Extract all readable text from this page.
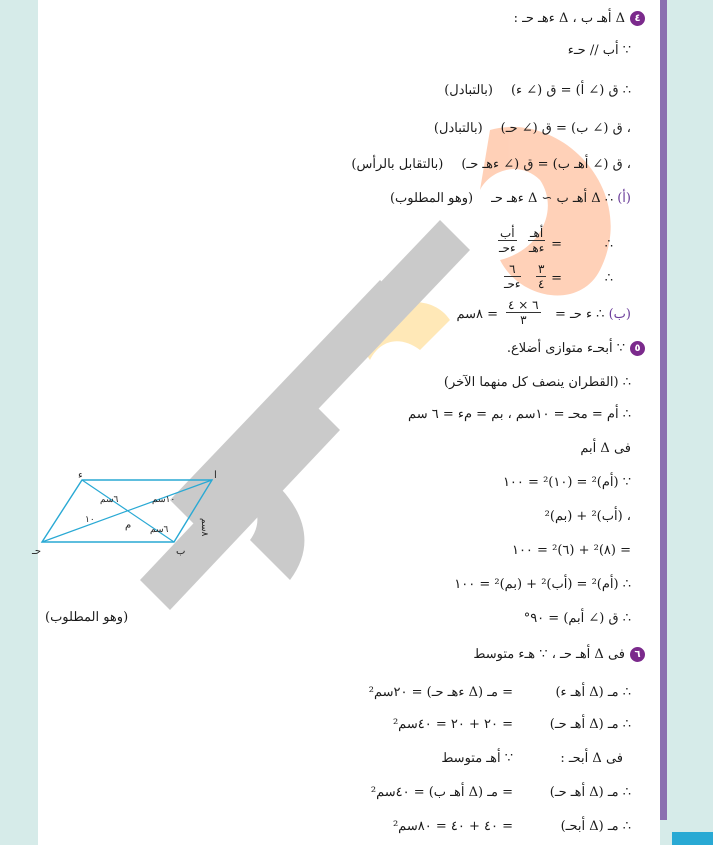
٤Δ ﺃﻫـ ب ، Δ ءﻫـ حـ :
∵ ﺃب // حـء
∴ ق (∠ ﺃ) = ق (∠ ء)(بالتبادل)
، ق (∠ ب) = ق (∠ حـ)(بالتبادل)
، ق (∠ ﺃﻫـ ب) = ق (∠ ءﻫـ حـ)(بالتقابل بالرأس)
(أ) ∴ Δ ﺃﻫـ ب ∼ Δ ءﻫـ حـ(وهو المطلوب)
∴
ﺃﻫـ
ءﻫـ =
ﺃب
ءحـ
∴
٣
٤ =
٦
ءحـ
(ب) ∴ ء حـ =
٦ × ٤
٣
= ٨سم
٥∵ ﺃبحـء متوازى أضلاع.
∴ (القطران ينصف كل منهما الآخر)
∴ ﺃم = محـ = ١٠سم ، بم = مء = ٦ سم
فى Δ ﺃبم
∵ (ﺃم)² = (١٠)² = ١٠٠
، (ﺃب)² + (بم)²
= (٨)² + (٦)² = ١٠٠
∴ (ﺃم)² = (ﺃب)² + (بم)² = ١٠٠
∴ ق (∠ ﺃبم) = ٩٠°
(وهو المطلوب)
ﺃ
ب
حـ
ء
م
١٠سم
١٠
٦سم
٦سم
٨سم
٦فى Δ ﺃﻫـ حـ ، ∵ ﻫـء متوسط
∴ مـ (Δ ﺃﻫـ ء)
= مـ (Δ ءﻫـ حـ) = ٢٠سم²
∴ مـ (Δ ﺃﻫـ حـ)
= ٢٠ + ٢٠ = ٤٠سم²
فى Δ ﺃبحـ :
∵ ﺃﻫـ متوسط
∴ مـ (Δ ﺃﻫـ حـ)
= مـ (Δ ﺃﻫـ ب) = ٤٠سم²
∴ مـ (Δ ﺃبحـ)
= ٤٠ + ٤٠ = ٨٠سم²
